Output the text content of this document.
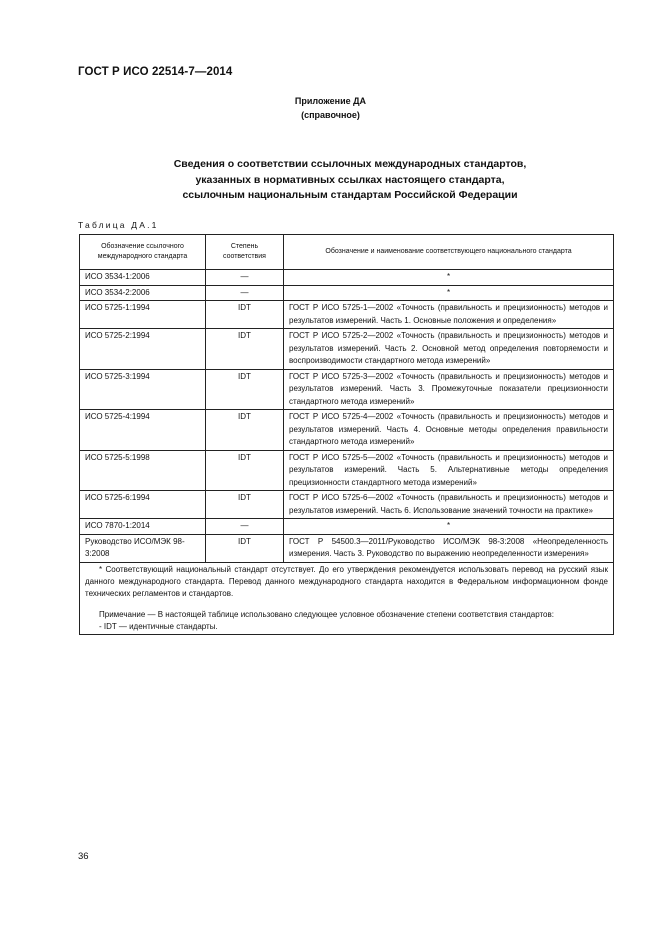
ГОСТ Р ИСО 22514-7—2014
Приложение ДА
(справочное)
Сведения о соответствии ссылочных международных стандартов,
указанных в нормативных ссылках настоящего стандарта,
ссылочным национальным стандартам Российской Федерации
Таблица ДА.1
Обозначение ссылочного международного стандарта	Степень соответствия	Обозначение и наименование соответствующего национального стандарта
ИСО 3534-1:2006	—	*
ИСО 3534-2:2006	—	*
ИСО 5725-1:1994	IDT	ГОСТ Р ИСО 5725-1—2002 «Точность (правильность и прецизионность) методов и результатов измерений. Часть 1. Основные положения и определения»
ИСО 5725-2:1994	IDT	ГОСТ Р ИСО 5725-2—2002 «Точность (правильность и прецизионность) методов и результатов измерений. Часть 2. Основной метод определения повторяемости и воспроизводимости стандартного метода измерений»
ИСО 5725-3:1994	IDT	ГОСТ Р ИСО 5725-3—2002 «Точность (правильность и прецизионность) методов и результатов измерений. Часть 3. Промежуточные показатели прецизионности стандартного метода измерений»
ИСО 5725-4:1994	IDT	ГОСТ Р ИСО 5725-4—2002 «Точность (правильность и прецизионность) методов и результатов измерений. Часть 4. Основные методы определения правильности стандартного метода измерений»
ИСО 5725-5:1998	IDT	ГОСТ Р ИСО 5725-5—2002 «Точность (правильность и прецизионность) методов и результатов измерений. Часть 5. Альтернативные методы определения прецизионности стандартного метода измерений»
ИСО 5725-6:1994	IDT	ГОСТ Р ИСО 5725-6—2002 «Точность (правильность и прецизионность) методов и результатов измерений. Часть 6. Использование значений точности на практике»
ИСО 7870-1:2014	—	*
Руководство ИСО/МЭК 98-3:2008	IDT	ГОСТ Р 54500.3—2011/Руководство ИСО/МЭК 98-3:2008 «Неопределенность измерения. Часть 3. Руководство по выражению неопределенности измерения»

* Соответствующий национальный стандарт отсутствует. До его утверждения рекомендуется использовать перевод на русский язык данного международного стандарта. Перевод данного международного стандарта находится в Федеральном информационном фонде технических регламентов и стандартов.

Примечание — В настоящей таблице использовано следующее условное обозначение степени соответствия стандартов:

- IDT — идентичные стандарты.		

36
